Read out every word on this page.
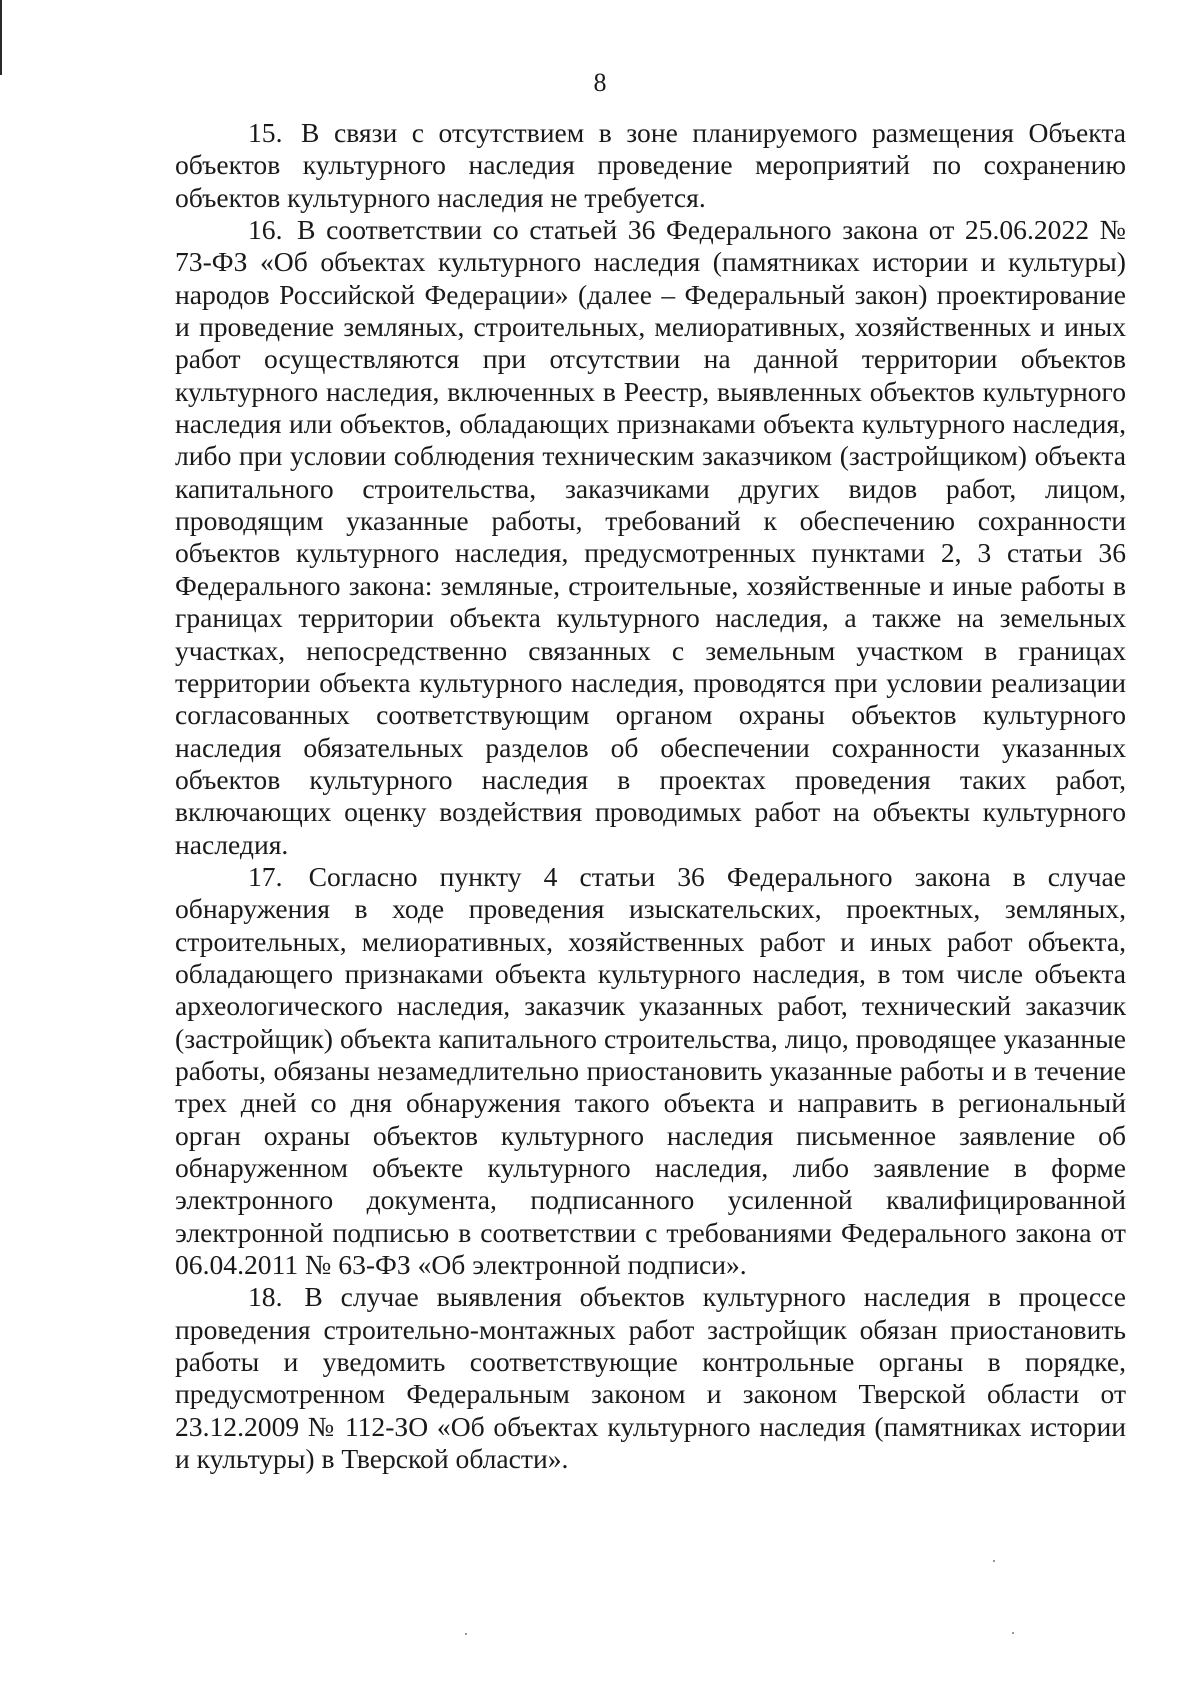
8

15. В связи с отсутствием в зоне планируемого размещения Объекта объектов культурного наследия проведение мероприятий по сохранению объектов культурного наследия не требуется.

16. В соответствии со статьей 36 Федерального закона от 25.06.2022 № 73-ФЗ «Об объектах культурного наследия (памятниках истории и культуры) народов Российской Федерации» (далее – Федеральный закон) проектирование и проведение земляных, строительных, мелиоративных, хозяйственных и иных работ осуществляются при отсутствии на данной территории объектов культурного наследия, включенных в Реестр, выявленных объектов культурного наследия или объектов, обладающих признаками объекта культурного наследия, либо при условии соблюдения техническим заказчиком (застройщиком) объекта капитального строительства, заказчиками других видов работ, лицом, проводящим указанные работы, требований к обеспечению сохранности объектов культурного наследия, предусмотренных пунктами 2, 3 статьи 36 Федерального закона: земляные, строительные, хозяйственные и иные работы в границах территории объекта культурного наследия, а также на земельных участках, непосредственно связанных с земельным участком в границах территории объекта культурного наследия, проводятся при условии реализации согласованных соответствующим органом охраны объектов культурного наследия обязательных разделов об обеспечении сохранности указанных объектов культурного наследия в проектах проведения таких работ, включающих оценку воздействия проводимых работ на объекты культурного наследия.

17. Согласно пункту 4 статьи 36 Федерального закона в случае обнаружения в ходе проведения изыскательских, проектных, земляных, строительных, мелиоративных, хозяйственных работ и иных работ объекта, обладающего признаками объекта культурного наследия, в том числе объекта археологического наследия, заказчик указанных работ, технический заказчик (застройщик) объекта капитального строительства, лицо, проводящее указанные работы, обязаны незамедлительно приостановить указанные работы и в течение трех дней со дня обнаружения такого объекта и направить в региональный орган охраны объектов культурного наследия письменное заявление об обнаруженном объекте культурного наследия, либо заявление в форме электронного документа, подписанного усиленной квалифицированной электронной подписью в соответствии с требованиями Федерального закона от 06.04.2011 № 63-ФЗ «Об электронной подписи».

18. В случае выявления объектов культурного наследия в процессе проведения строительно-монтажных работ застройщик обязан приостановить работы и уведомить соответствующие контрольные органы в порядке, предусмотренном Федеральным законом и законом Тверской области от 23.12.2009 № 112-ЗО «Об объектах культурного наследия (памятниках истории и культуры) в Тверской области».
